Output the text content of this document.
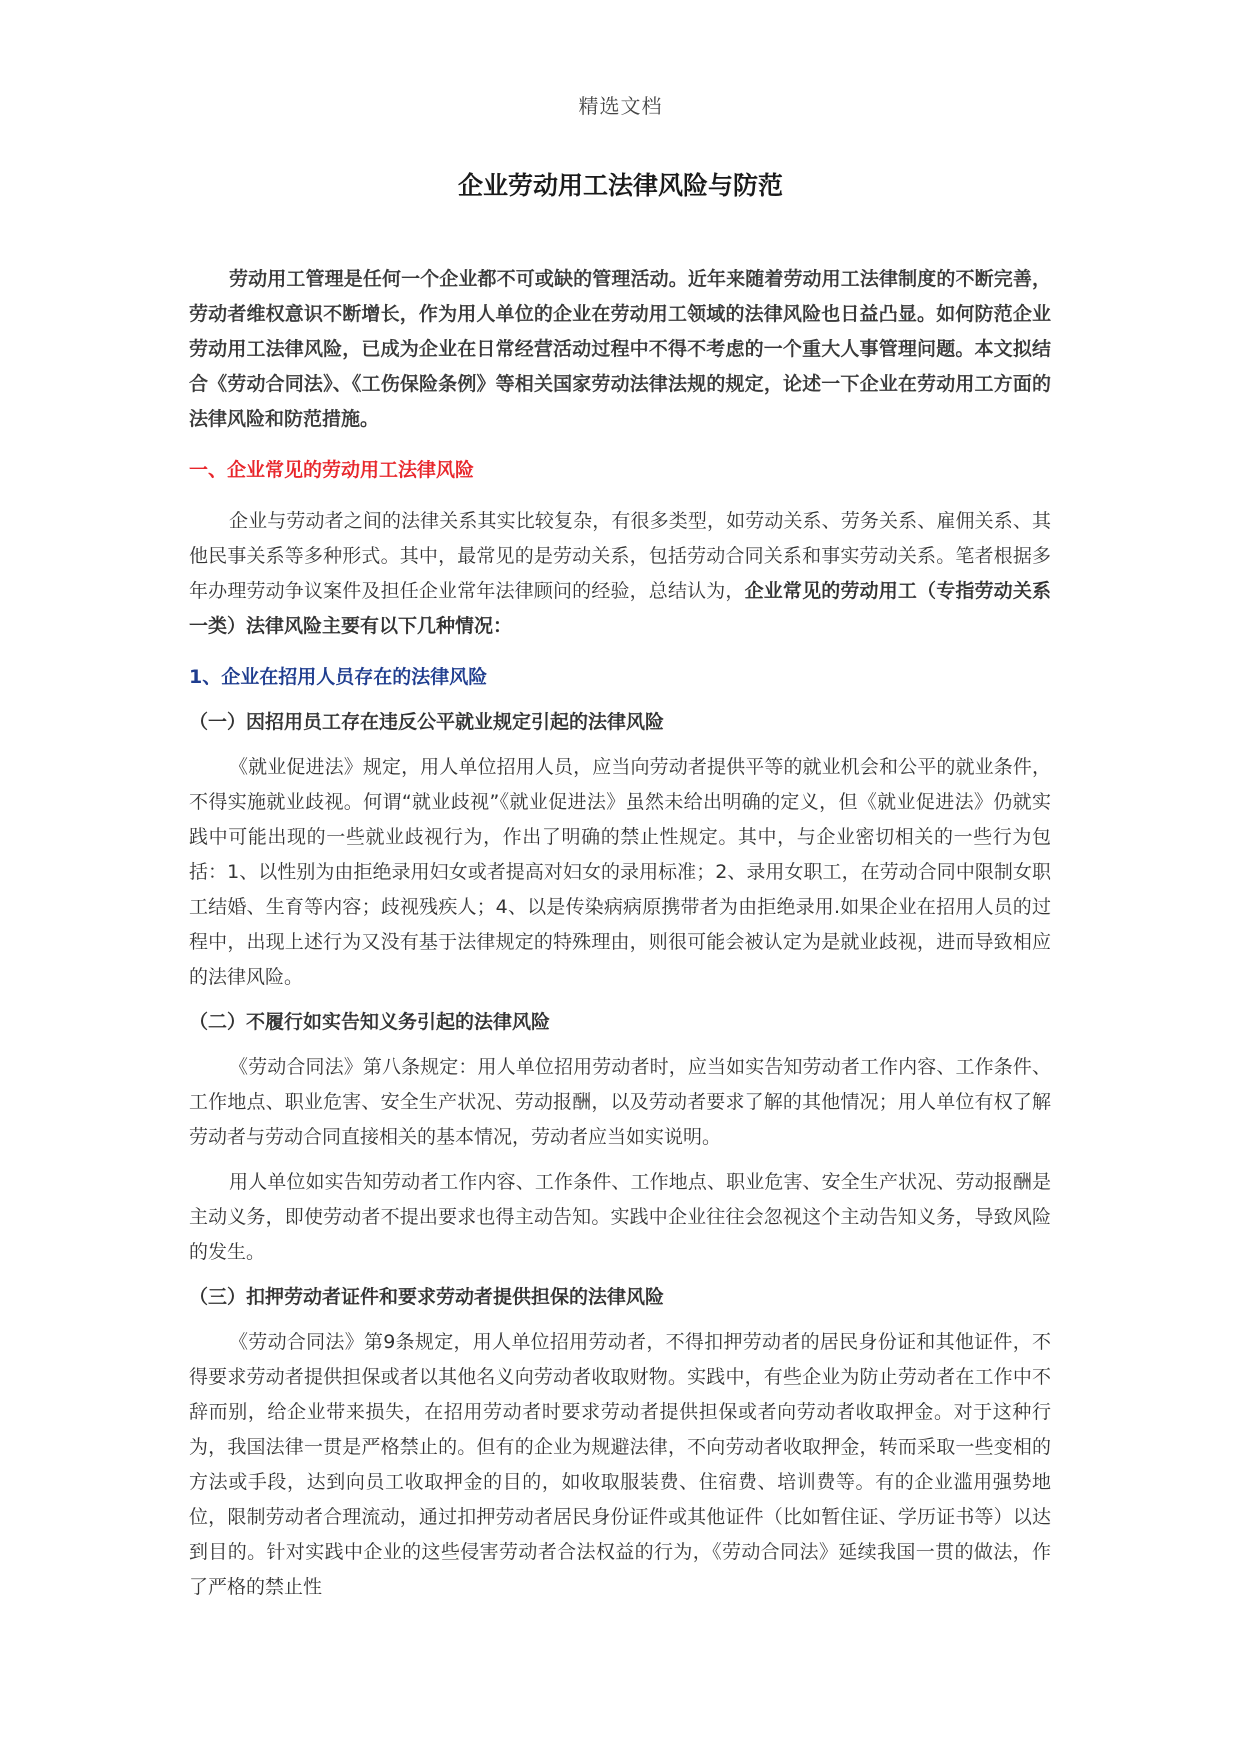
精选文档
企业劳动用工法律风险与防范

劳动用工管理是任何一个企业都不可或缺的管理活动。近年来随着劳动用工法律制度的不断完善，劳动者维权意识不断增长，作为用人单位的企业在劳动用工领域的法律风险也日益凸显。如何防范企业劳动用工法律风险，已成为企业在日常经营活动过程中不得不考虑的一个重大人事管理问题。本文拟结合《劳动合同法》、《工伤保险条例》等相关国家劳动法律法规的规定，论述一下企业在劳动用工方面的法律风险和防范措施。

一、企业常见的劳动用工法律风险

企业与劳动者之间的法律关系其实比较复杂，有很多类型，如劳动关系、劳务关系、雇佣关系、其他民事关系等多种形式。其中，最常见的是劳动关系，包括劳动合同关系和事实劳动关系。笔者根据多年办理劳动争议案件及担任企业常年法律顾问的经验，总结认为，企业常见的劳动用工（专指劳动关系一类）法律风险主要有以下几种情况：

1、企业在招用人员存在的法律风险

（一）因招用员工存在违反公平就业规定引起的法律风险

《就业促进法》规定，用人单位招用人员，应当向劳动者提供平等的就业机会和公平的就业条件，不得实施就业歧视。何谓“就业歧视”《就业促进法》虽然未给出明确的定义，但《就业促进法》仍就实践中可能出现的一些就业歧视行为，作出了明确的禁止性规定。其中，与企业密切相关的一些行为包括：1、以性别为由拒绝录用妇女或者提高对妇女的录用标准；2、录用女职工，在劳动合同中限制女职工结婚、生育等内容；歧视残疾人；4、以是传染病病原携带者为由拒绝录用.如果企业在招用人员的过程中，出现上述行为又没有基于法律规定的特殊理由，则很可能会被认定为是就业歧视，进而导致相应的法律风险。

（二）不履行如实告知义务引起的法律风险

《劳动合同法》第八条规定：用人单位招用劳动者时，应当如实告知劳动者工作内容、工作条件、工作地点、职业危害、安全生产状况、劳动报酬，以及劳动者要求了解的其他情况；用人单位有权了解劳动者与劳动合同直接相关的基本情况，劳动者应当如实说明。

用人单位如实告知劳动者工作内容、工作条件、工作地点、职业危害、安全生产状况、劳动报酬是主动义务，即使劳动者不提出要求也得主动告知。实践中企业往往会忽视这个主动告知义务，导致风险的发生。

（三）扣押劳动者证件和要求劳动者提供担保的法律风险

《劳动合同法》第9条规定，用人单位招用劳动者，不得扣押劳动者的居民身份证和其他证件，不得要求劳动者提供担保或者以其他名义向劳动者收取财物。实践中，有些企业为防止劳动者在工作中不辞而别，给企业带来损失，在招用劳动者时要求劳动者提供担保或者向劳动者收取押金。对于这种行为，我国法律一贯是严格禁止的。但有的企业为规避法律，不向劳动者收取押金，转而采取一些变相的方法或手段，达到向员工收取押金的目的，如收取服装费、住宿费、培训费等。有的企业滥用强势地位，限制劳动者合理流动，通过扣押劳动者居民身份证件或其他证件（比如暂住证、学历证书等）以达到目的。针对实践中企业的这些侵害劳动者合法权益的行为，《劳动合同法》延续我国一贯的做法，作了严格的禁止性
